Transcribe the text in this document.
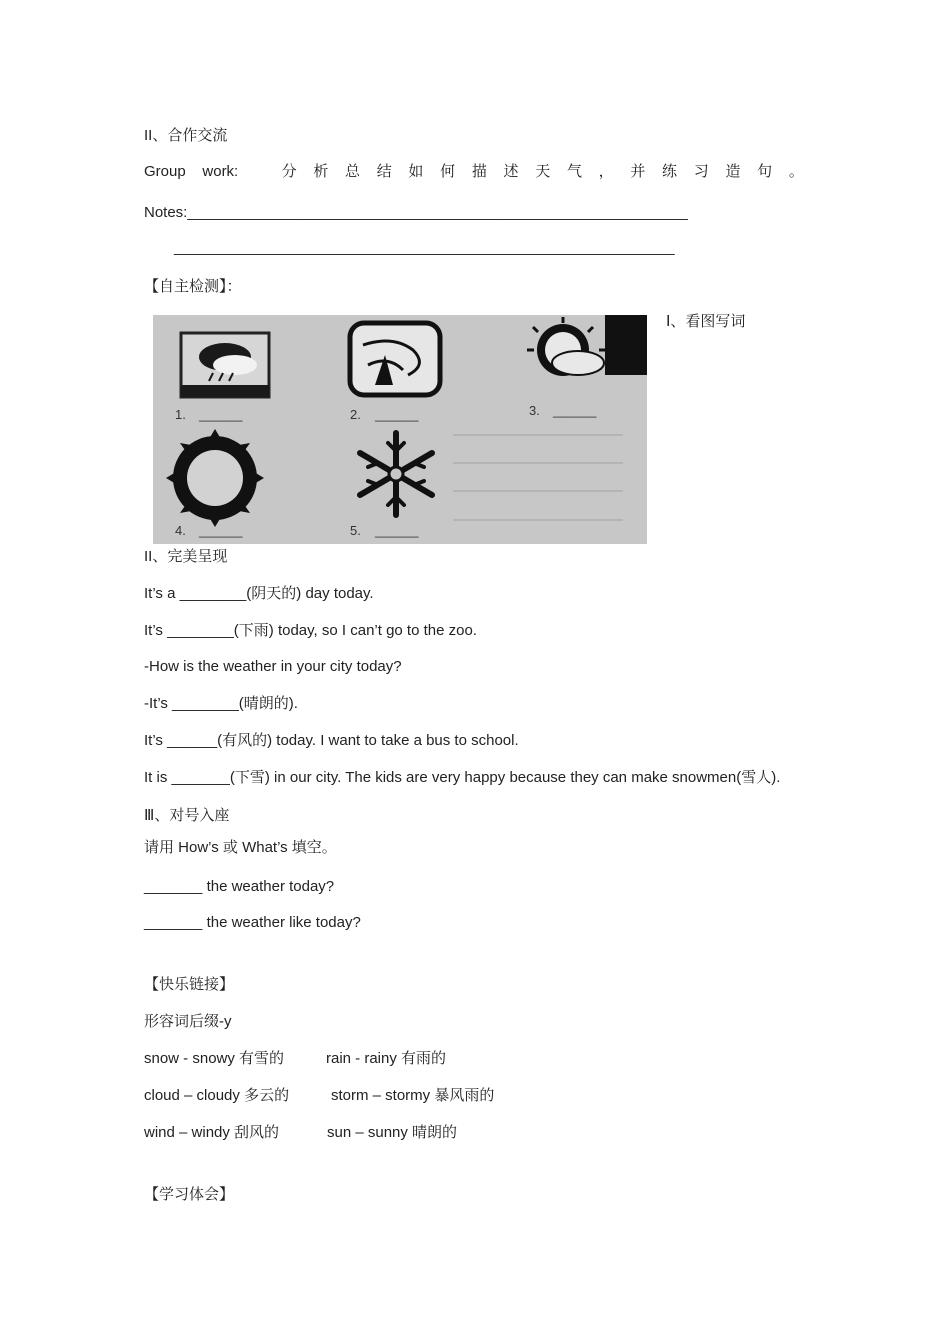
II、合作交流
Group work:	分 析 总 结 如 何 描 述 天 气 ， 并 练 习 造 句 。
Notes:____________________________________________________________
____________________________________________________________
【自主检测】：
1. ______	2. ______	3. ______
4. ______	5. ______
Ⅰ、看图写词
II、完美呈现
It’s a ________(阴天的) day today.
It’s ________(下雨) today, so I can’t go to the zoo.
-How is the weather in your city today?
-It’s ________(晴朗的).
It’s ______(有风的) today. I want to take a bus to school.
It is _______(下雪) in our city. The kids are very happy because they can make snowmen(雪人).
Ⅲ、对号入座
请用 How’s 或 What’s 填空。
_______ the weather today?
_______ the weather like today?
【快乐链接】
形容词后缀-y
snow - snowy 有雪的	rain - rainy 有雨的
cloud – cloudy 多云的	storm – stormy 暴风雨的
wind – windy 刮风的	sun – sunny 晴朗的
【学习体会】
